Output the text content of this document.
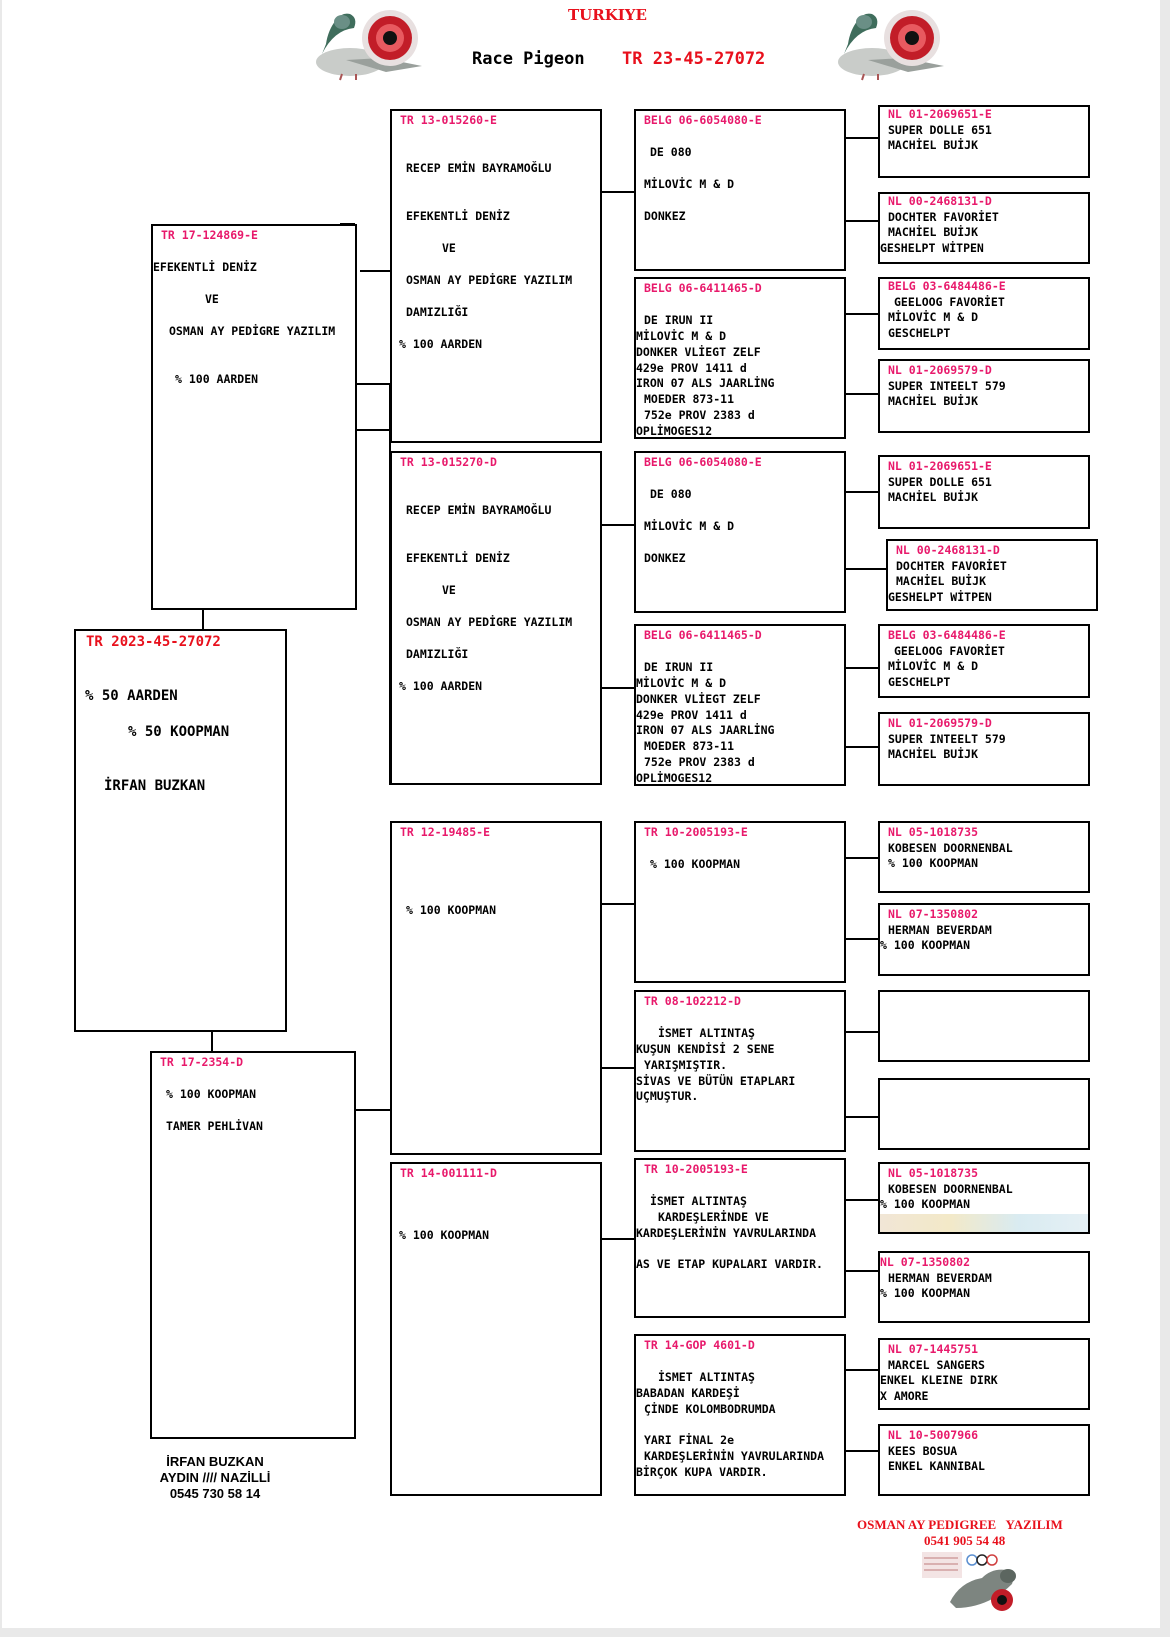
TURKIYE
Race Pigeon TR 23-45-27072
TR 2023-45-27072
% 50 AARDEN
% 50 KOOPMAN
İRFAN BUZKAN
TR 17-124869-E
EFEKENTLİ DENİZ
VE
OSMAN AY PEDİGRE YAZILIM
% 100 AARDEN
TR 17-2354-D
% 100 KOOPMAN
TAMER PEHLİVAN
TR 13-015260-E
RECEP EMİN BAYRAMOĞLU
EFEKENTLİ DENİZ
VE
OSMAN AY PEDİGRE YAZILIM
DAMIZLIĞI
% 100 AARDEN
TR 13-015270-D
RECEP EMİN BAYRAMOĞLU
EFEKENTLİ DENİZ
VE
OSMAN AY PEDİGRE YAZILIM
DAMIZLIĞI
% 100 AARDEN
TR 12-19485-E
% 100 KOOPMAN
TR 14-001111-D
% 100 KOOPMAN
BELG 06-6054080-E
DE 080
MİLOVİC M & D
DONKEZ
BELG 06-6411465-D
DE IRUN II
MİLOVİC M & D
DONKER VLİEGT ZELF
429e PROV 1411 d
IRON 07 ALS JAARLİNG
MOEDER 873-11
752e PROV 2383 d
OPLİMOGES12
BELG 06-6054080-E
DE 080
MİLOVİC M & D
DONKEZ
BELG 06-6411465-D
DE IRUN II
MİLOVİC M & D
DONKER VLİEGT ZELF
429e PROV 1411 d
IRON 07 ALS JAARLİNG
MOEDER 873-11
752e PROV 2383 d
OPLİMOGES12
TR 10-2005193-E
% 100 KOOPMAN
TR 08-102212-D
İSMET ALTINTAŞ
KUŞUN KENDİSİ 2 SENE
YARIŞMIŞTIR.
SİVAS VE BÜTÜN ETAPLARI
UÇMUŞTUR.
TR 10-2005193-E
İSMET ALTINTAŞ
KARDEŞLERİNDE VE
KARDEŞLERİNİN YAVRULARINDA
AS VE ETAP KUPALARI VARDIR.
TR 14-GOP 4601-D
İSMET ALTINTAŞ
BABADAN KARDEŞİ
ÇİNDE KOLOMBODRUMDA
YARI FİNAL 2e
KARDEŞLERİNİN YAVRULARINDA
BİRÇOK KUPA VARDIR.
NL 01-2069651-E
SUPER DOLLE 651
MACHİEL BUİJK
NL 00-2468131-D
DOCHTER FAVORİET
MACHİEL BUİJK
GESHELPT WİTPEN
BELG 03-6484486-E
GEELOOG FAVORİET
MİLOVİC M & D
GESCHELPT
NL 01-2069579-D
SUPER INTEELT 579
MACHİEL BUİJK
NL 01-2069651-E
SUPER DOLLE 651
MACHİEL BUİJK
NL 00-2468131-D
DOCHTER FAVORİET
MACHİEL BUİJK
GESHELPT WİTPEN
BELG 03-6484486-E
GEELOOG FAVORİET
MİLOVİC M & D
GESCHELPT
NL 01-2069579-D
SUPER INTEELT 579
MACHİEL BUİJK
NL 05-1018735
KOBESEN DOORNENBAL
% 100 KOOPMAN
NL 07-1350802
HERMAN BEVERDAM
% 100 KOOPMAN
NL 05-1018735
KOBESEN DOORNENBAL
% 100 KOOPMAN
NL 07-1350802
HERMAN BEVERDAM
% 100 KOOPMAN
NL 07-1445751
MARCEL SANGERS
ENKEL KLEINE DIRK
X AMORE
NL 10-5007966
KEES BOSUA
ENKEL KANNIBAL
İRFAN BUZKAN
AYDIN //// NAZİLLİ
0545 730 58 14
OSMAN AY PEDIGREE   YAZILIM
0541 905 54 48
